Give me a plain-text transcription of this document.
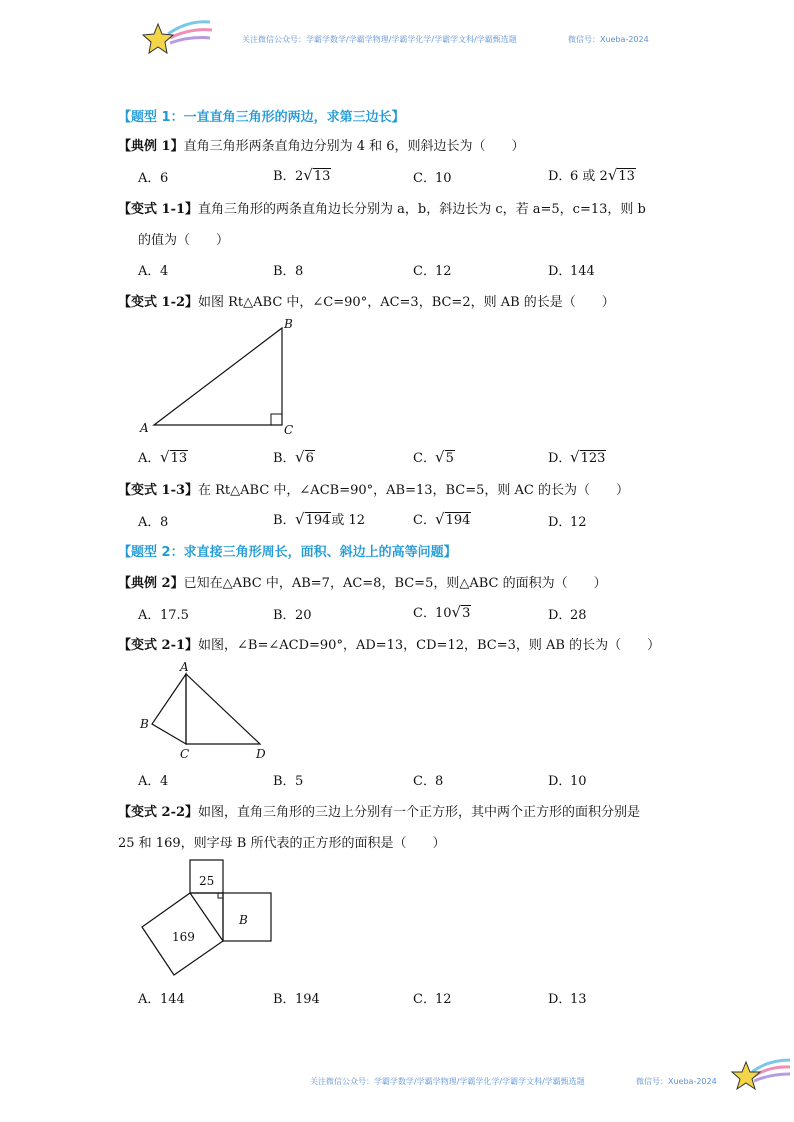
关注微信公众号：学霸学数学/学霸学物理/学霸学化学/学霸学文科/学霸甄选题	微信号：Xueba-2024
【题型 1：一直直角三角形的两边，求第三边长】
【典例 1】直角三角形两条直角边分别为 4 和 6，则斜边长为（　　）
A．6	B．2√13	C．10	D．6 或 2√13
【变式 1-1】直角三角形的两条直角边长分别为 a，b，斜边长为 c，若 a=5，c=13，则 b
的值为（　　）
A．4	B．8	C．12	D．144
【变式 1-2】如图 Rt△ABC 中，∠C=90°，AC=3，BC=2，则 AB 的长是（　　）
A
B
C
A．√13	B．√6	C．√5	D．√123
【变式 1-3】在 Rt△ABC 中，∠ACB=90°，AB=13，BC=5，则 AC 的长为（　　）
A．8	B．√194或 12	C．√194	D．12
【题型 2：求直接三角形周长，面积、斜边上的高等问题】
【典例 2】已知在△ABC 中，AB=7，AC=8，BC=5，则△ABC 的面积为（　　）
A．17.5	B．20	C．10√3	D．28
【变式 2-1】如图，∠B=∠ACD=90°，AD=13，CD=12，BC=3，则 AB 的长为（　　）
A
B
C	D
A．4	B．5	C．8	D．10
【变式 2-2】如图，直角三角形的三边上分别有一个正方形，其中两个正方形的面积分别是
25 和 169，则字母 B 所代表的正方形的面积是（　　）
25
169
B
A．144	B．194	C．12	D．13
关注微信公众号：学霸学数学/学霸学物理/学霸学化学/学霸学文科/学霸甄选题	微信号：Xueba-2024
